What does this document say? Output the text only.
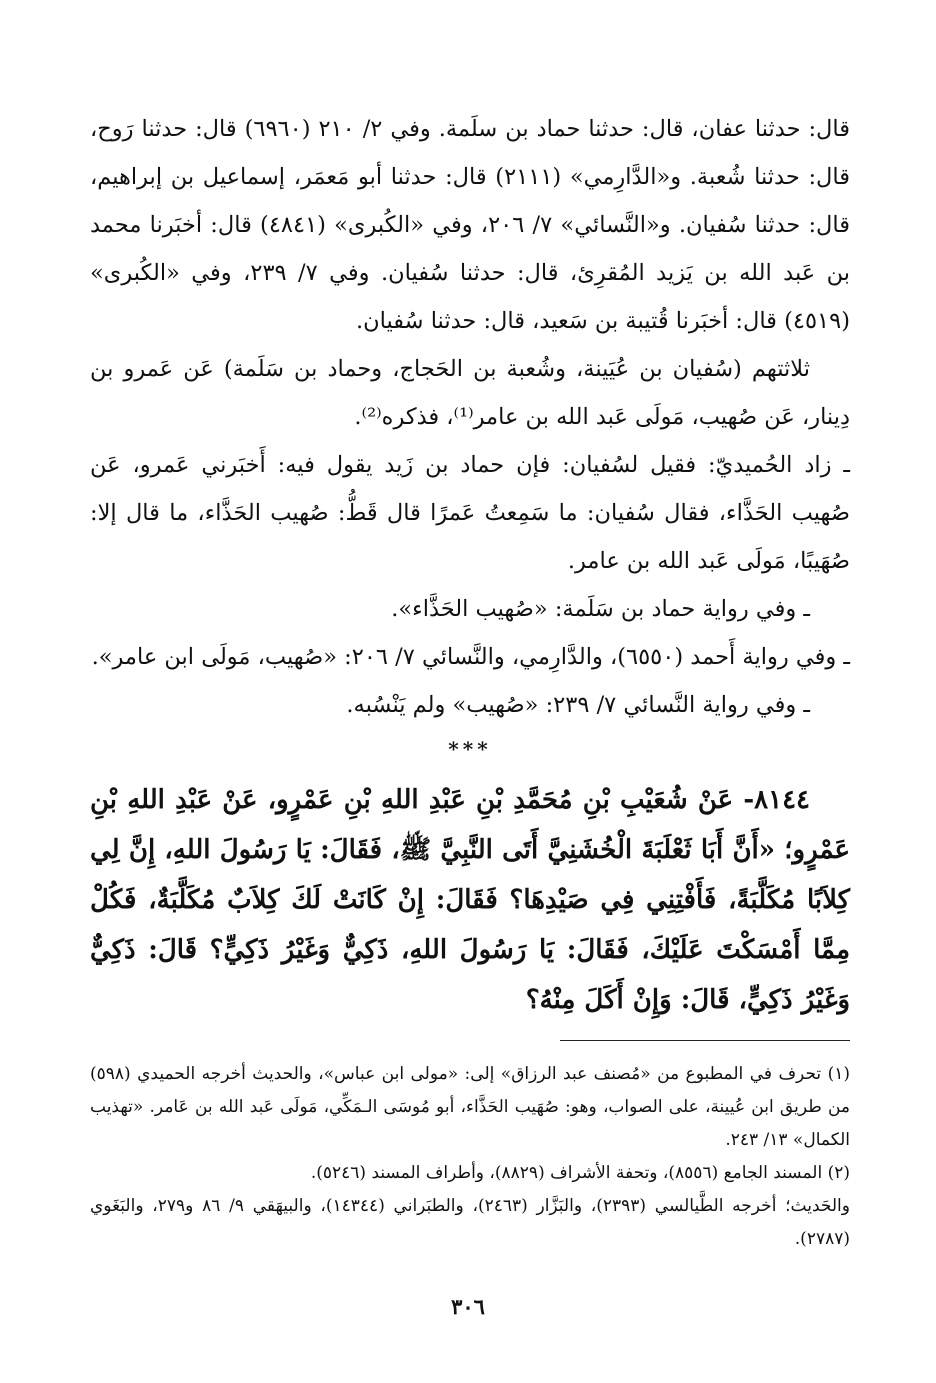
قال: حدثنا عفان، قال: حدثنا حماد بن سلَمة. وفي ٢/ ٢١٠ (٦٩٦٠) قال: حدثنا رَوح، قال: حدثنا شُعبة. و«الدَّارِمي» (٢١١١) قال: حدثنا أبو مَعمَر، إسماعيل بن إبراهيم، قال: حدثنا سُفيان. و«النَّسائي» ٧/ ٢٠٦، وفي «الكُبرى» (٤٨٤١) قال: أخبَرنا محمد بن عَبد الله بن يَزيد المُقرِئ، قال: حدثنا سُفيان. وفي ٧/ ٢٣٩، وفي «الكُبرى» (٤٥١٩) قال: أخبَرنا قُتيبة بن سَعيد، قال: حدثنا سُفيان.

ثلاثتهم (سُفيان بن عُيَينة، وشُعبة بن الحَجاج، وحماد بن سَلَمة) عَن عَمرو بن دِينار، عَن صُهيب، مَولَى عَبد الله بن عامر⁽¹⁾، فذكره⁽²⁾.

ـ زاد الحُميديّ: فقيل لسُفيان: فإن حماد بن زَيد يقول فيه: أَخبَرني عَمرو، عَن صُهيب الحَذَّاء، فقال سُفيان: ما سَمِعتُ عَمرًا قال قَطُّ: صُهيب الحَذَّاء، ما قال إلا: صُهَيبًا، مَولَى عَبد الله بن عامر.

ـ وفي رواية حماد بن سَلَمة: «صُهيب الحَذَّاء».

ـ وفي رواية أَحمد (٦٥٥٠)، والدَّارِمي، والنَّسائي ٧/ ٢٠٦: «صُهيب، مَولَى ابن عامر».

ـ وفي رواية النَّسائي ٧/ ٢٣٩: «صُهيب» ولم يَنْسُبه.

***

٨١٤٤- عَنْ شُعَيْبِ بْنِ مُحَمَّدِ بْنِ عَبْدِ اللهِ بْنِ عَمْرٍو، عَنْ عَبْدِ اللهِ بْنِ عَمْرٍو؛ «أَنَّ أَبَا ثَعْلَبَةَ الْخُشَنِيَّ أَتَى النَّبِيَّ ﷺ، فَقَالَ: يَا رَسُولَ اللهِ، إِنَّ لِي كِلاَبًا مُكَلَّبَةً، فَأَفْتِنِي فِي صَيْدِهَا؟ فَقَالَ: إِنْ كَانَتْ لَكَ كِلاَبٌ مُكَلَّبَةٌ، فَكُلْ مِمَّا أَمْسَكْتَ عَلَيْكَ، فَقَالَ: يَا رَسُولَ اللهِ، ذَكِيٌّ وَغَيْرُ ذَكِيٍّ؟ قَالَ: ذَكِيٌّ وَغَيْرُ ذَكِيٍّ، قَالَ: وَإِنْ أَكَلَ مِنْهُ؟

(١) تحرف في المطبوع من «مُصنف عبد الرزاق» إلى: «مولى ابن عباس»، والحديث أخرجه الحميدي (٥٩٨) من طريق ابن عُيينة، على الصواب، وهو: صُهَيب الحَذَّاء، أبو مُوسَى الـمَكِّي، مَولَى عَبد الله بن عَامر. «تهذيب الكمال» ١٣/ ٢٤٣.

(٢) المسند الجامع (٨٥٥٦)، وتحفة الأشراف (٨٨٢٩)، وأطراف المسند (٥٢٤٦).

والحَديث؛ أخرجه الطَّيالسي (٢٣٩٣)، والبَزَّار (٢٤٦٣)، والطبَراني (١٤٣٤٤)، والبيهَقي ٩/ ٨٦ و٢٧٩، والبَغَوي (٢٧٨٧).

٣٠٦
